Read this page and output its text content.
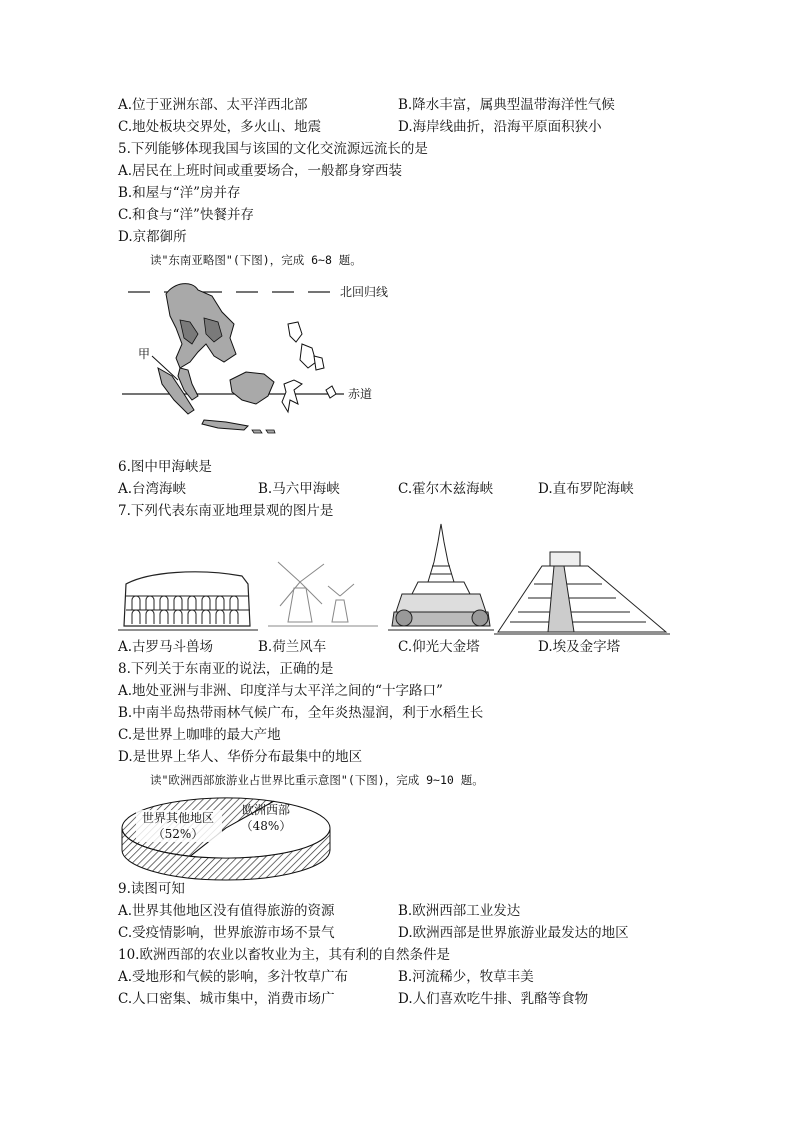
A.位于亚洲东部、太平洋西北部	B.降水丰富，属典型温带海洋性气候
C.地处板块交界处，多火山、地震	D.海岸线曲折，沿海平原面积狭小
5.下列能够体现我国与该国的文化交流源远流长的是
A.居民在上班时间或重要场合，一般都身穿西装
B.和屋与“洋”房并存
C.和食与“洋”快餐并存
D.京都御所
读"东南亚略图"(下图)，完成 6~8 题。
北回归线
赤道
甲
6.图中甲海峡是
A.台湾海峡	B.马六甲海峡	C.霍尔木兹海峡	D.直布罗陀海峡
7.下列代表东南亚地理景观的图片是
A.古罗马斗兽场	B.荷兰风车	C.仰光大金塔	D.埃及金字塔
8.下列关于东南亚的说法，正确的是
A.地处亚洲与非洲、印度洋与太平洋之间的“十字路口”
B.中南半岛热带雨林气候广布，全年炎热湿润，利于水稻生长
C.是世界上咖啡的最大产地
D.是世界上华人、华侨分布最集中的地区
读"欧洲西部旅游业占世界比重示意图"(下图)，完成 9~10 题。
世界其他地区
（52%）
欧洲西部
（48%）
9.读图可知
A.世界其他地区没有值得旅游的资源	B.欧洲西部工业发达
C.受疫情影响，世界旅游市场不景气	D.欧洲西部是世界旅游业最发达的地区
10.欧洲西部的农业以畜牧业为主，其有利的自然条件是
A.受地形和气候的影响，多汁牧草广布	B.河流稀少，牧草丰美
C.人口密集、城市集中，消费市场广	D.人们喜欢吃牛排、乳酪等食物
